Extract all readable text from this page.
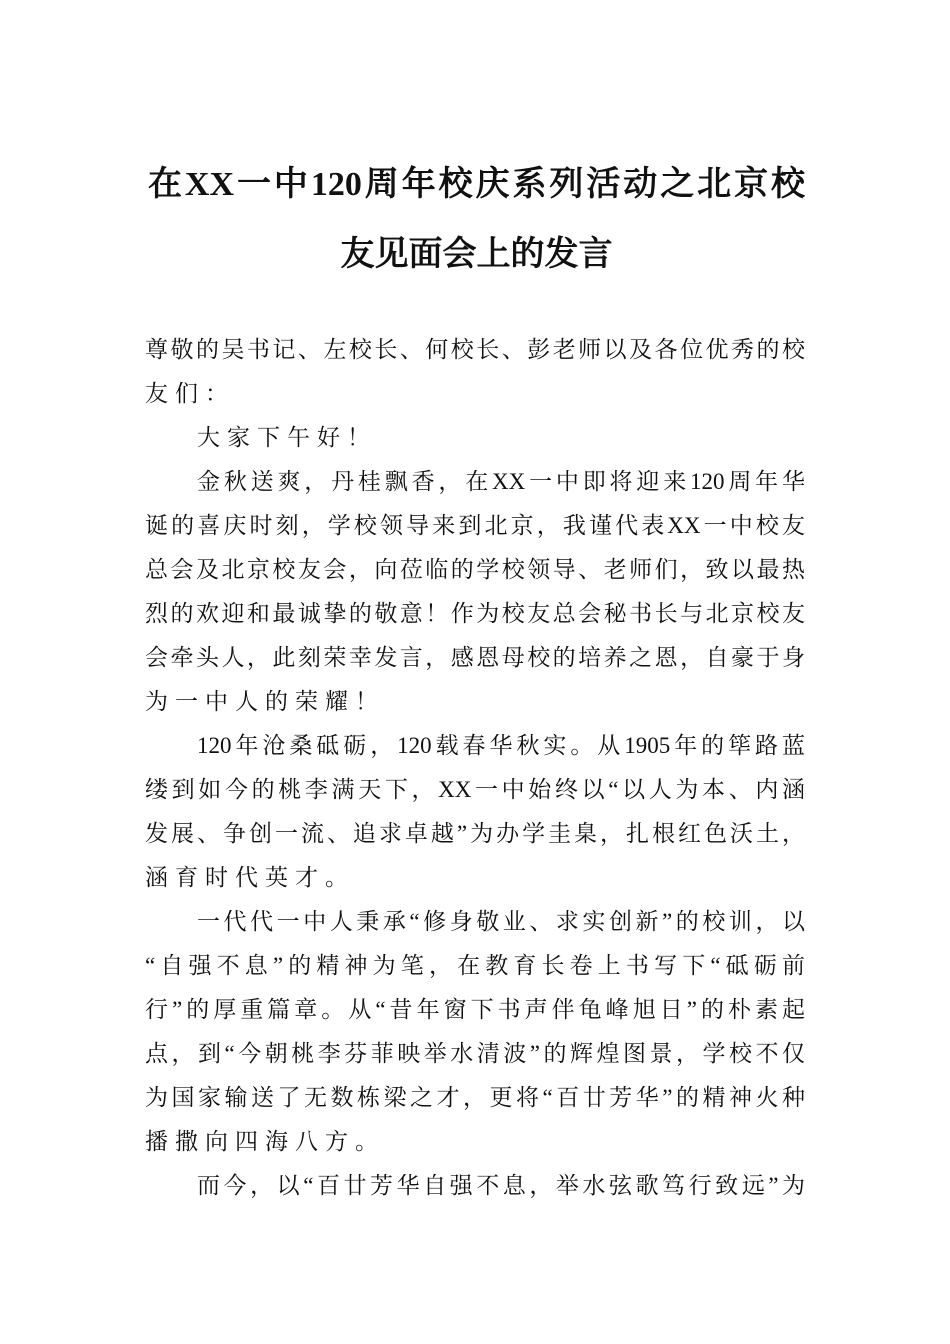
在XX一中120周年校庆系列活动之北京校
友见面会上的发言
尊敬的吴书记、左校长、何校长、彭老师以及各位优秀的校
友们：
大家下午好！
金秋送爽，丹桂飘香，在XX一中即将迎来120周年华
诞的喜庆时刻，学校领导来到北京，我谨代表XX一中校友
总会及北京校友会，向莅临的学校领导、老师们，致以最热
烈的欢迎和最诚挚的敬意！作为校友总会秘书长与北京校友
会牵头人，此刻荣幸发言，感恩母校的培养之恩，自豪于身
为一中人的荣耀！
120年沧桑砥砺，120载春华秋实。从1905年的筚路蓝
缕到如今的桃李满天下，XX一中始终以“以人为本、内涵
发展、争创一流、追求卓越”为办学圭臬，扎根红色沃土，
涵育时代英才。
一代代一中人秉承“修身敬业、求实创新”的校训，以
“自强不息”的精神为笔，在教育长卷上书写下“砥砺前
行”的厚重篇章。从“昔年窗下书声伴龟峰旭日”的朴素起
点，到“今朝桃李芬菲映举水清波”的辉煌图景，学校不仅
为国家输送了无数栋梁之才，更将“百廿芳华”的精神火种
播撒向四海八方。
而今，以“百廿芳华自强不息，举水弦歌笃行致远”为
